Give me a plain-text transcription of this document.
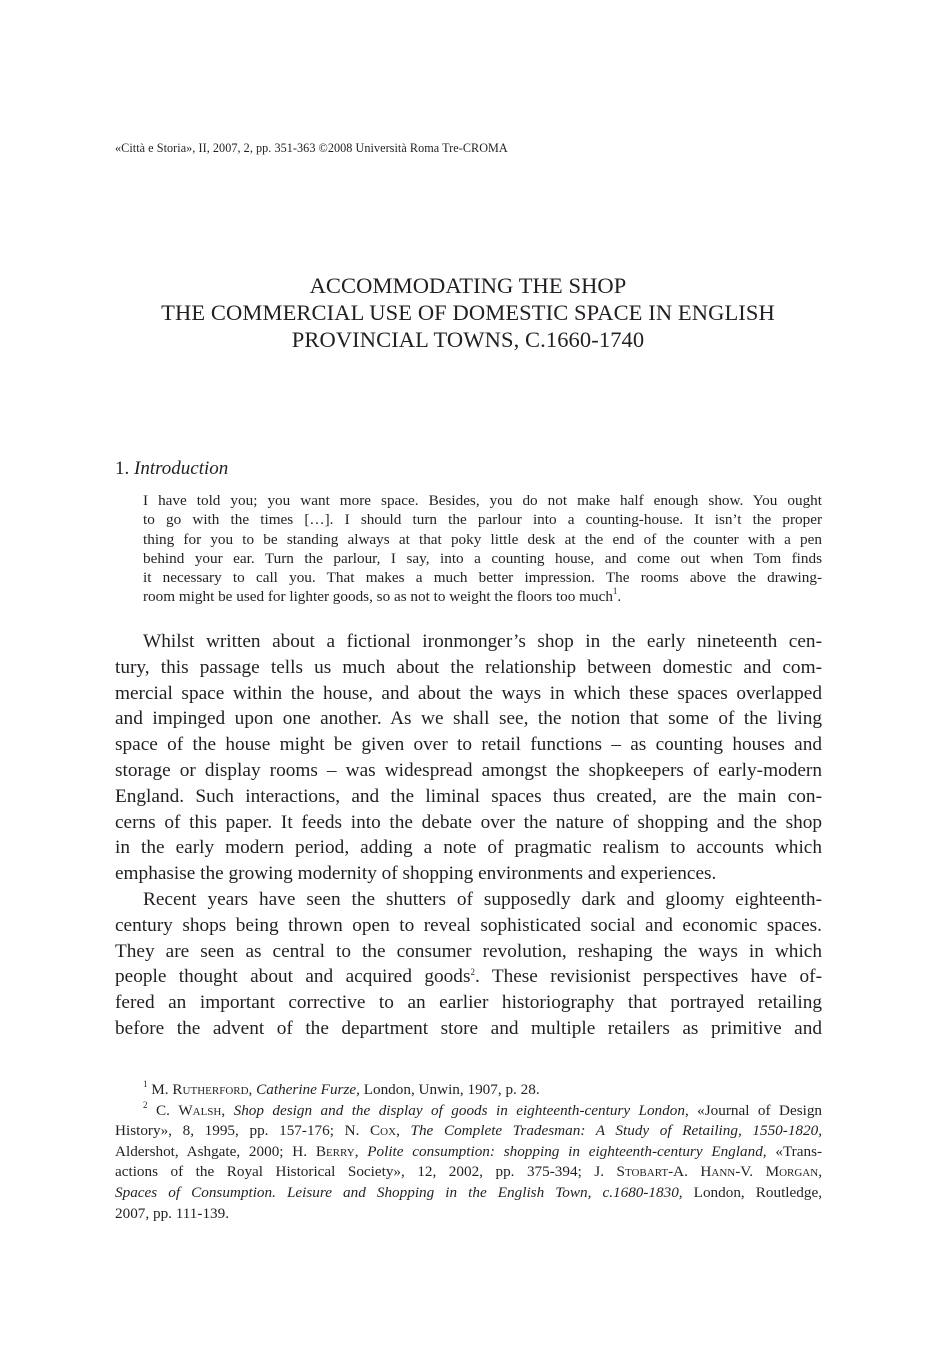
«Città e Storia», II, 2007, 2, pp. 351-363 ©2008 Università Roma Tre-CROMA
ACCOMMODATING THE SHOP
THE COMMERCIAL USE OF DOMESTIC SPACE IN ENGLISH
PROVINCIAL TOWNS, C.1660-1740
1. Introduction
I have told you; you want more space. Besides, you do not make half enough show. You ought
to go with the times […]. I should turn the parlour into a counting-house. It isn’t the proper
thing for you to be standing always at that poky little desk at the end of the counter with a pen
behind your ear. Turn the parlour, I say, into a counting house, and come out when Tom finds
it necessary to call you. That makes a much better impression. The rooms above the drawing-
room might be used for lighter goods, so as not to weight the floors too much$^1$.
Whilst written about a fictional ironmonger’s shop in the early nineteenth cen-
tury, this passage tells us much about the relationship between domestic and com-
mercial space within the house, and about the ways in which these spaces overlapped
and impinged upon one another. As we shall see, the notion that some of the living
space of the house might be given over to retail functions – as counting houses and
storage or display rooms – was widespread amongst the shopkeepers of early-modern
England. Such interactions, and the liminal spaces thus created, are the main con-
cerns of this paper. It feeds into the debate over the nature of shopping and the shop
in the early modern period, adding a note of pragmatic realism to accounts which
emphasise the growing modernity of shopping environments and experiences.
Recent years have seen the shutters of supposedly dark and gloomy eighteenth-
century shops being thrown open to reveal sophisticated social and economic spaces.
They are seen as central to the consumer revolution, reshaping the ways in which
people thought about and acquired goods$^2$. These revisionist perspectives have of-
fered an important corrective to an earlier historiography that portrayed retailing
before the advent of the department store and multiple retailers as primitive and
$^1$ M. Rutherford, Catherine Furze, London, Unwin, 1907, p. 28.
$^2$ C. Walsh, Shop design and the display of goods in eighteenth-century London, «Journal of Design
History», 8, 1995, pp. 157-176; N. Cox, The Complete Tradesman: A Study of Retailing, 1550-1820,
Aldershot, Ashgate, 2000; H. Berry, Polite consumption: shopping in eighteenth-century England, «Trans-
actions of the Royal Historical Society», 12, 2002, pp. 375-394; J. Stobart-A. Hann-V. Morgan,
Spaces of Consumption. Leisure and Shopping in the English Town, c.1680-1830, London, Routledge,
2007, pp. 111-139.
